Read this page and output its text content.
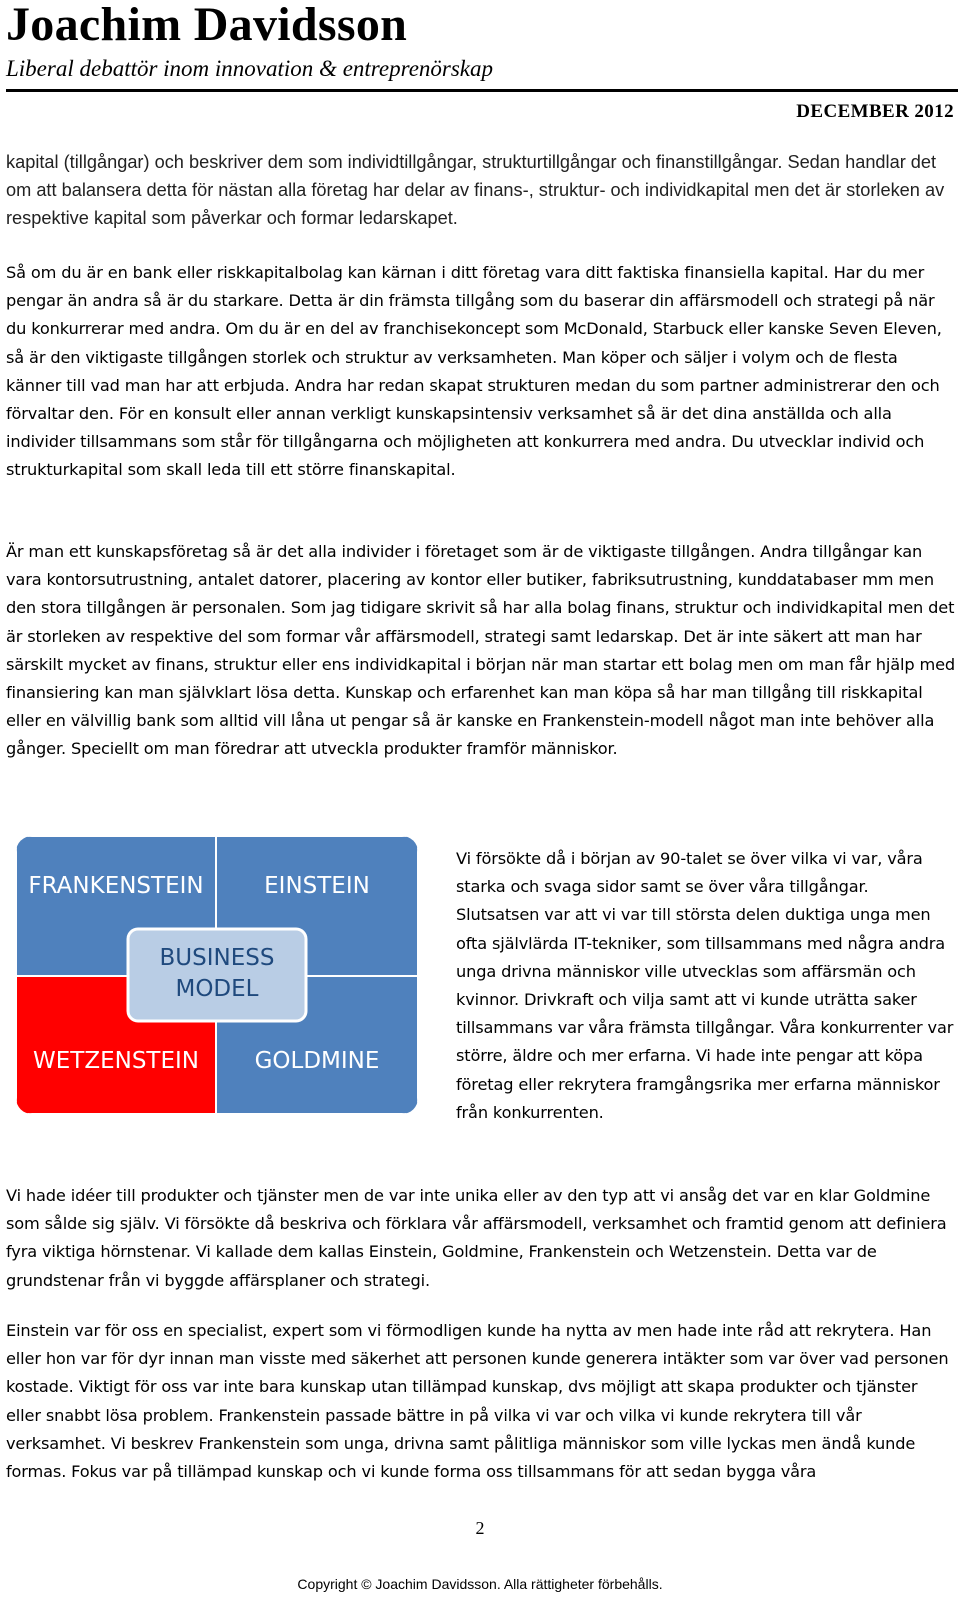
Joachim Davidsson
Liberal debattör inom innovation & entreprenörskap
DECEMBER 2012

kapital (tillgångar) och beskriver dem som individtillgångar, strukturtillgångar och finanstillgångar. Sedan handlar det om att balansera detta för nästan alla företag har delar av finans-, struktur- och individkapital men det är storleken av respektive kapital som påverkar och formar ledarskapet.

Så om du är en bank eller riskkapitalbolag kan kärnan i ditt företag vara ditt faktiska finansiella kapital. Har du mer pengar än andra så är du starkare. Detta är din främsta tillgång som du baserar din affärsmodell och strategi på när du konkurrerar med andra. Om du är en del av franchisekoncept som McDonald, Starbuck eller kanske Seven Eleven, så är den viktigaste tillgången storlek och struktur av verksamheten. Man köper och säljer i volym och de flesta känner till vad man har att erbjuda. Andra har redan skapat strukturen medan du som partner administrerar den och förvaltar den. För en konsult eller annan verkligt kunskapsintensiv verksamhet så är det dina anställda och alla individer tillsammans som står för tillgångarna och möjligheten att konkurrera med andra. Du utvecklar individ och strukturkapital som skall leda till ett större finanskapital.

Är man ett kunskapsföretag så är det alla individer i företaget som är de viktigaste tillgången. Andra tillgångar kan vara kontorsutrustning, antalet datorer, placering av kontor eller butiker, fabriksutrustning, kunddatabaser mm men den stora tillgången är personalen. Som jag tidigare skrivit så har alla bolag finans, struktur och individkapital men det är storleken av respektive del som formar vår affärsmodell, strategi samt ledarskap. Det är inte säkert att man har särskilt mycket av finans, struktur eller ens individkapital i början när man startar ett bolag men om man får hjälp med finansiering kan man självklart lösa detta. Kunskap och erfarenhet kan man köpa så har man tillgång till riskkapital eller en välvillig bank som alltid vill låna ut pengar så är kanske en Frankenstein-modell något man inte behöver alla gånger. Speciellt om man föredrar att utveckla produkter framför människor.

FRANKENSTEIN	EINSTEIN
WETZENSTEIN GOLDMINE
BUSINESS
MODEL

Vi försökte då i början av 90-talet se över vilka vi var, våra starka och svaga sidor samt se över våra tillgångar. Slutsatsen var att vi var till största delen duktiga unga men ofta självlärda IT-tekniker, som tillsammans med några andra unga drivna människor ville utvecklas som affärsmän och kvinnor. Drivkraft och vilja samt att vi kunde uträtta saker tillsammans var våra främsta tillgångar. Våra konkurrenter var större, äldre och mer erfarna. Vi hade inte pengar att köpa företag eller rekrytera framgångsrika mer erfarna människor från konkurrenten.

Vi hade idéer till produkter och tjänster men de var inte unika eller av den typ att vi ansåg det var en klar Goldmine som sålde sig själv. Vi försökte då beskriva och förklara vår affärsmodell, verksamhet och framtid genom att definiera fyra viktiga hörnstenar. Vi kallade dem kallas Einstein, Goldmine, Frankenstein och Wetzenstein. Detta var de grundstenar från vi byggde affärsplaner och strategi.

Einstein var för oss en specialist, expert som vi förmodligen kunde ha nytta av men hade inte råd att rekrytera. Han eller hon var för dyr innan man visste med säkerhet att personen kunde generera intäkter som var över vad personen kostade. Viktigt för oss var inte bara kunskap utan tillämpad kunskap, dvs möjligt att skapa produkter och tjänster eller snabbt lösa problem. Frankenstein passade bättre in på vilka vi var och vilka vi kunde rekrytera till vår verksamhet. Vi beskrev Frankenstein som unga, drivna samt pålitliga människor som ville lyckas men ändå kunde formas. Fokus var på tillämpad kunskap och vi kunde forma oss tillsammans för att sedan bygga våra

2
Copyright © Joachim Davidsson. Alla rättigheter förbehålls.
